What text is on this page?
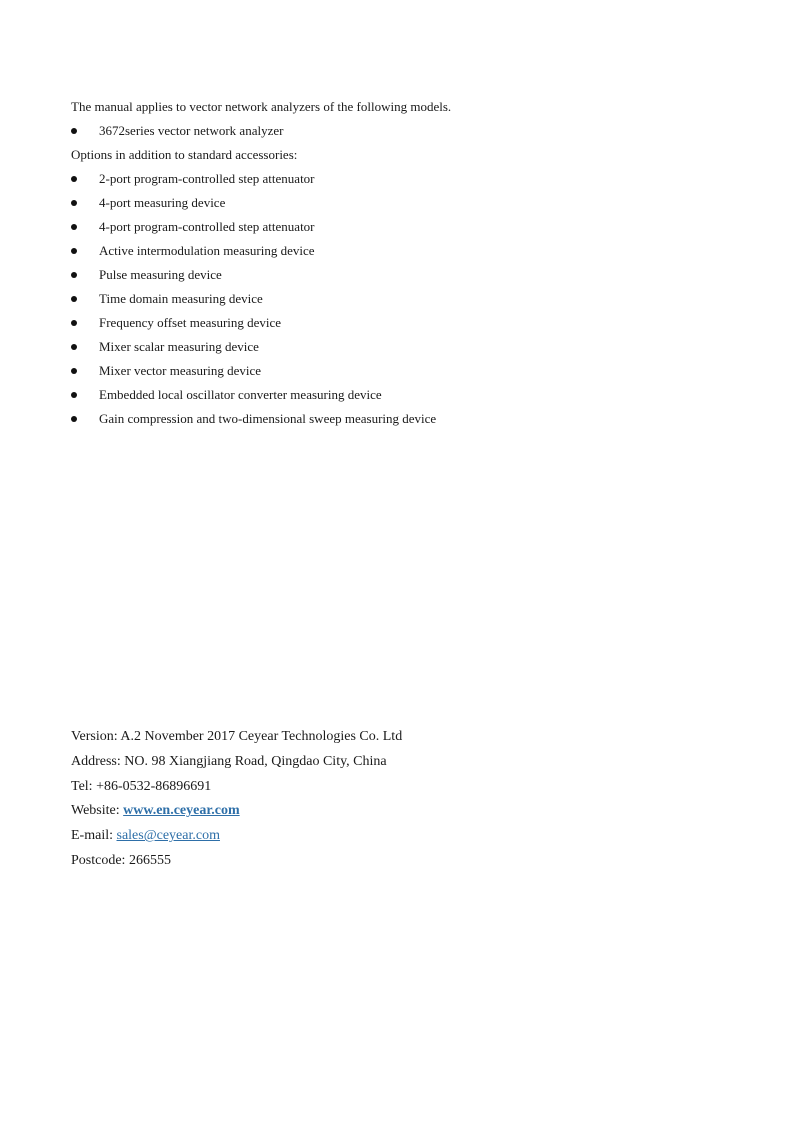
The manual applies to vector network analyzers of the following models.
3672series vector network analyzer
Options in addition to standard accessories:
2-port program-controlled step attenuator
4-port measuring device
4-port program-controlled step attenuator
Active intermodulation measuring device
Pulse measuring device
Time domain measuring device
Frequency offset measuring device
Mixer scalar measuring device
Mixer vector measuring device
Embedded local oscillator converter measuring device
Gain compression and two-dimensional sweep measuring device
Version: A.2 November 2017 Ceyear Technologies Co. Ltd
Address: NO. 98 Xiangjiang Road, Qingdao City, China
Tel: +86-0532-86896691
Website: www.en.ceyear.com
E-mail: sales@ceyear.com
Postcode: 266555
